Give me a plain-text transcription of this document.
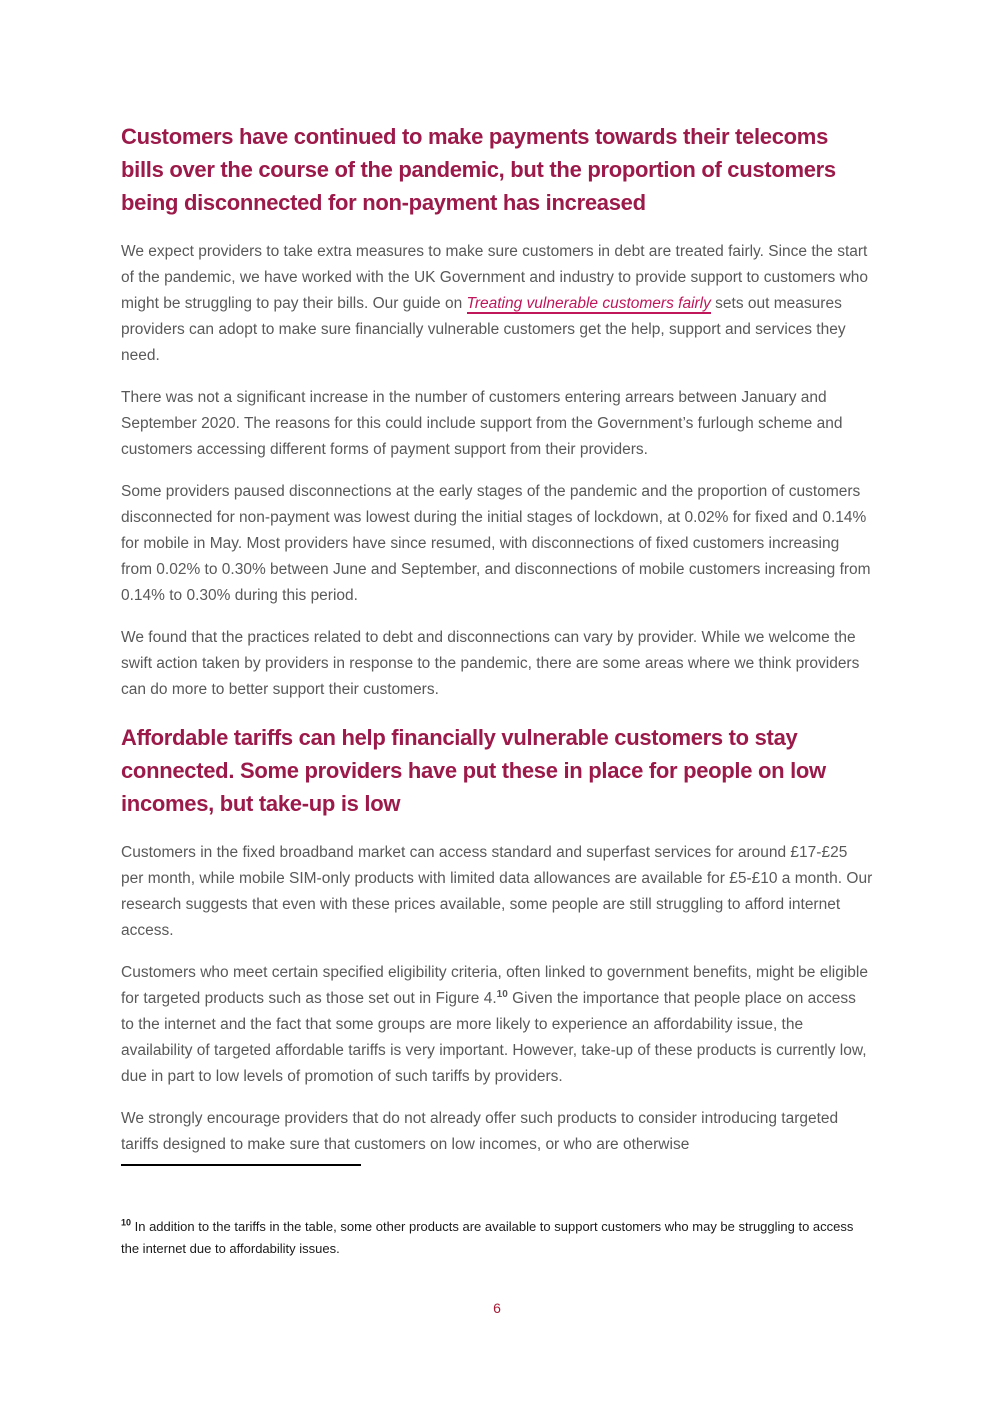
Customers have continued to make payments towards their telecoms bills over the course of the pandemic, but the proportion of customers being disconnected for non-payment has increased

We expect providers to take extra measures to make sure customers in debt are treated fairly. Since the start of the pandemic, we have worked with the UK Government and industry to provide support to customers who might be struggling to pay their bills. Our guide on Treating vulnerable customers fairly sets out measures providers can adopt to make sure financially vulnerable customers get the help, support and services they need.

There was not a significant increase in the number of customers entering arrears between January and September 2020. The reasons for this could include support from the Government’s furlough scheme and customers accessing different forms of payment support from their providers.

Some providers paused disconnections at the early stages of the pandemic and the proportion of customers disconnected for non-payment was lowest during the initial stages of lockdown, at 0.02% for fixed and 0.14% for mobile in May. Most providers have since resumed, with disconnections of fixed customers increasing from 0.02% to 0.30% between June and September, and disconnections of mobile customers increasing from 0.14% to 0.30% during this period.

We found that the practices related to debt and disconnections can vary by provider. While we welcome the swift action taken by providers in response to the pandemic, there are some areas where we think providers can do more to better support their customers.

Affordable tariffs can help financially vulnerable customers to stay connected. Some providers have put these in place for people on low incomes, but take-up is low

Customers in the fixed broadband market can access standard and superfast services for around £17-£25 per month, while mobile SIM-only products with limited data allowances are available for £5-£10 a month. Our research suggests that even with these prices available, some people are still struggling to afford internet access.

Customers who meet certain specified eligibility criteria, often linked to government benefits, might be eligible for targeted products such as those set out in Figure 4.10 Given the importance that people place on access to the internet and the fact that some groups are more likely to experience an affordability issue, the availability of targeted affordable tariffs is very important. However, take-up of these products is currently low, due in part to low levels of promotion of such tariffs by providers.

We strongly encourage providers that do not already offer such products to consider introducing targeted tariffs designed to make sure that customers on low incomes, or who are otherwise

$^{10}$ In addition to the tariffs in the table, some other products are available to support customers who may be struggling to access the internet due to affordability issues.
6
